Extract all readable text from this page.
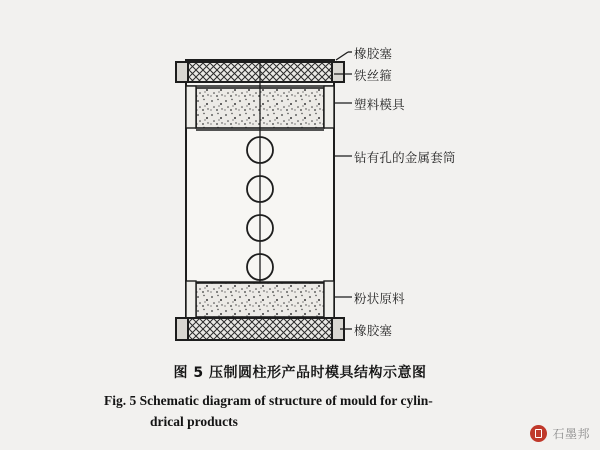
橡胶塞
铁丝箍
塑料模具
钻有孔的金属套筒
粉状原料
橡胶塞
图 5 压制圆柱形产品时模具结构示意图
Fig. 5 Schematic diagram of structure of mould for cylin-
drical products
石墨邦
